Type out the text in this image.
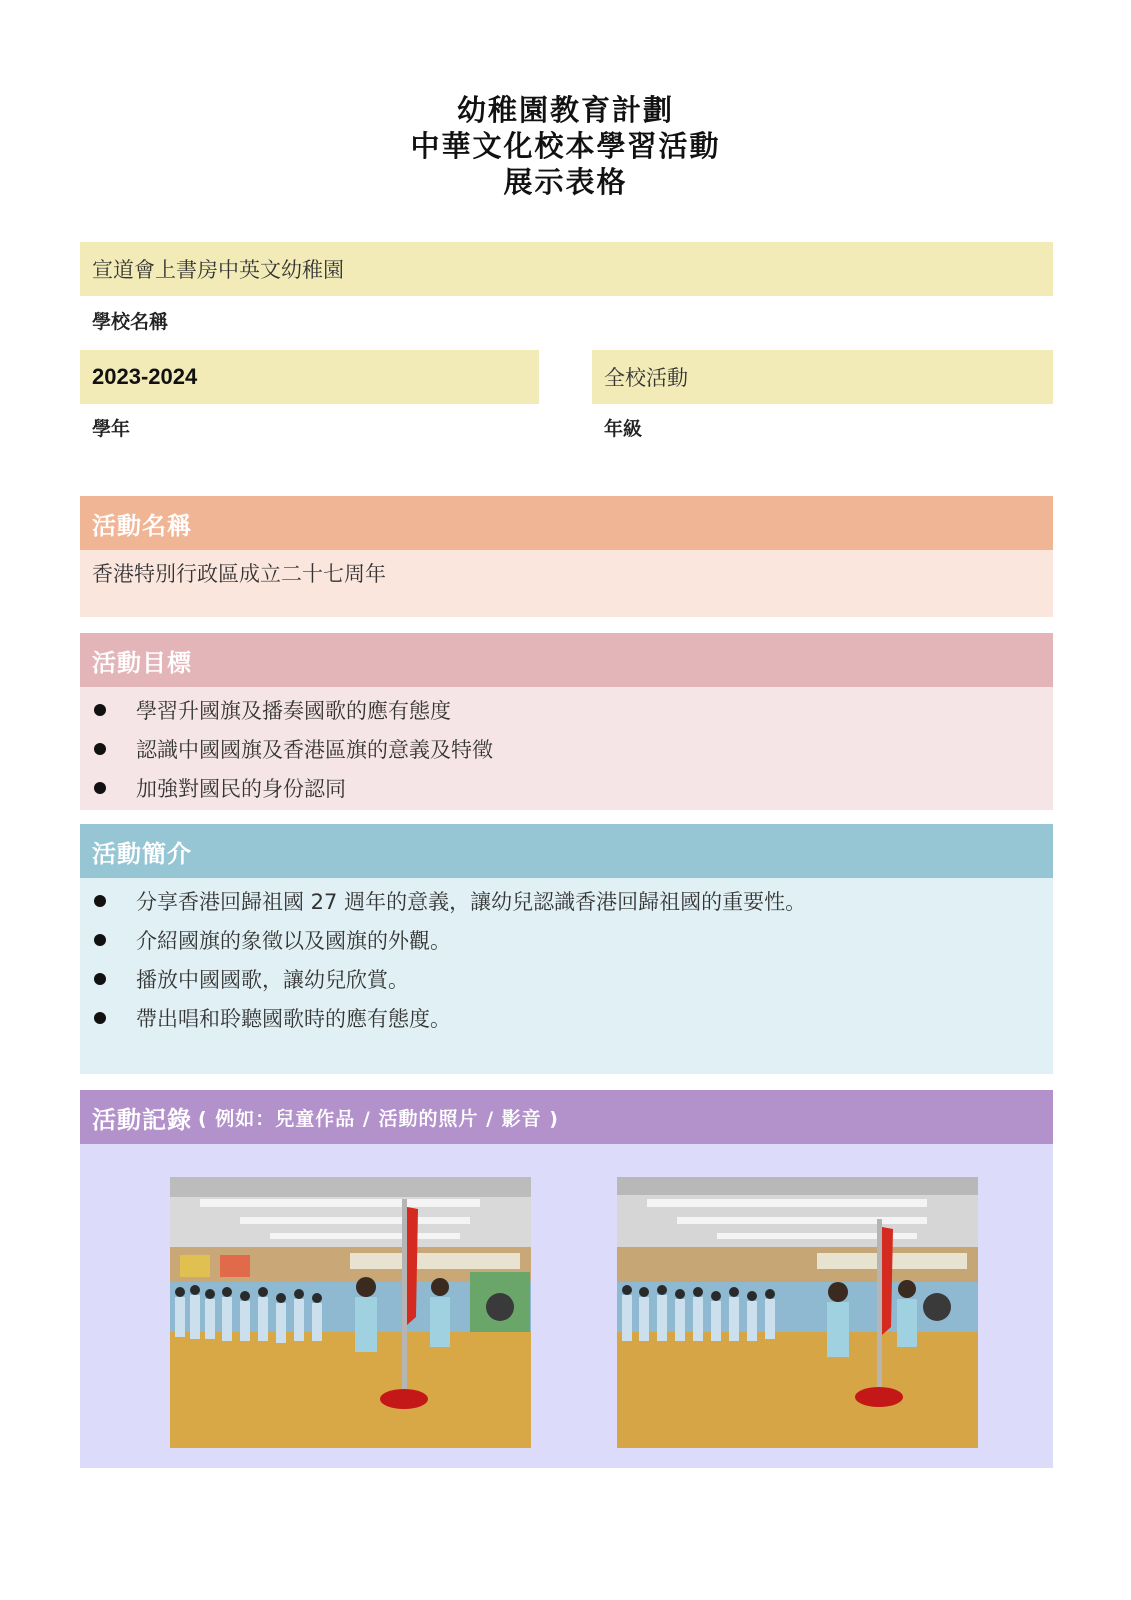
幼稚園教育計劃
中華文化校本學習活動
展示表格
宣道會上書房中英文幼稚園
學校名稱
2023-2024
學年
全校活動
年級
活動名稱
香港特別行政區成立二十七周年
活動目標
學習升國旗及播奏國歌的應有態度
認識中國國旗及香港區旗的意義及特徵
加強對國民的身份認同
活動簡介
分享香港回歸祖國 27 週年的意義，讓幼兒認識香港回歸祖國的重要性。
介紹國旗的象徵以及國旗的外觀。
播放中國國歌，讓幼兒欣賞。
帶出唱和聆聽國歌時的應有態度。
活動記錄 ( 例如：兒童作品 / 活動的照片 / 影音 )
